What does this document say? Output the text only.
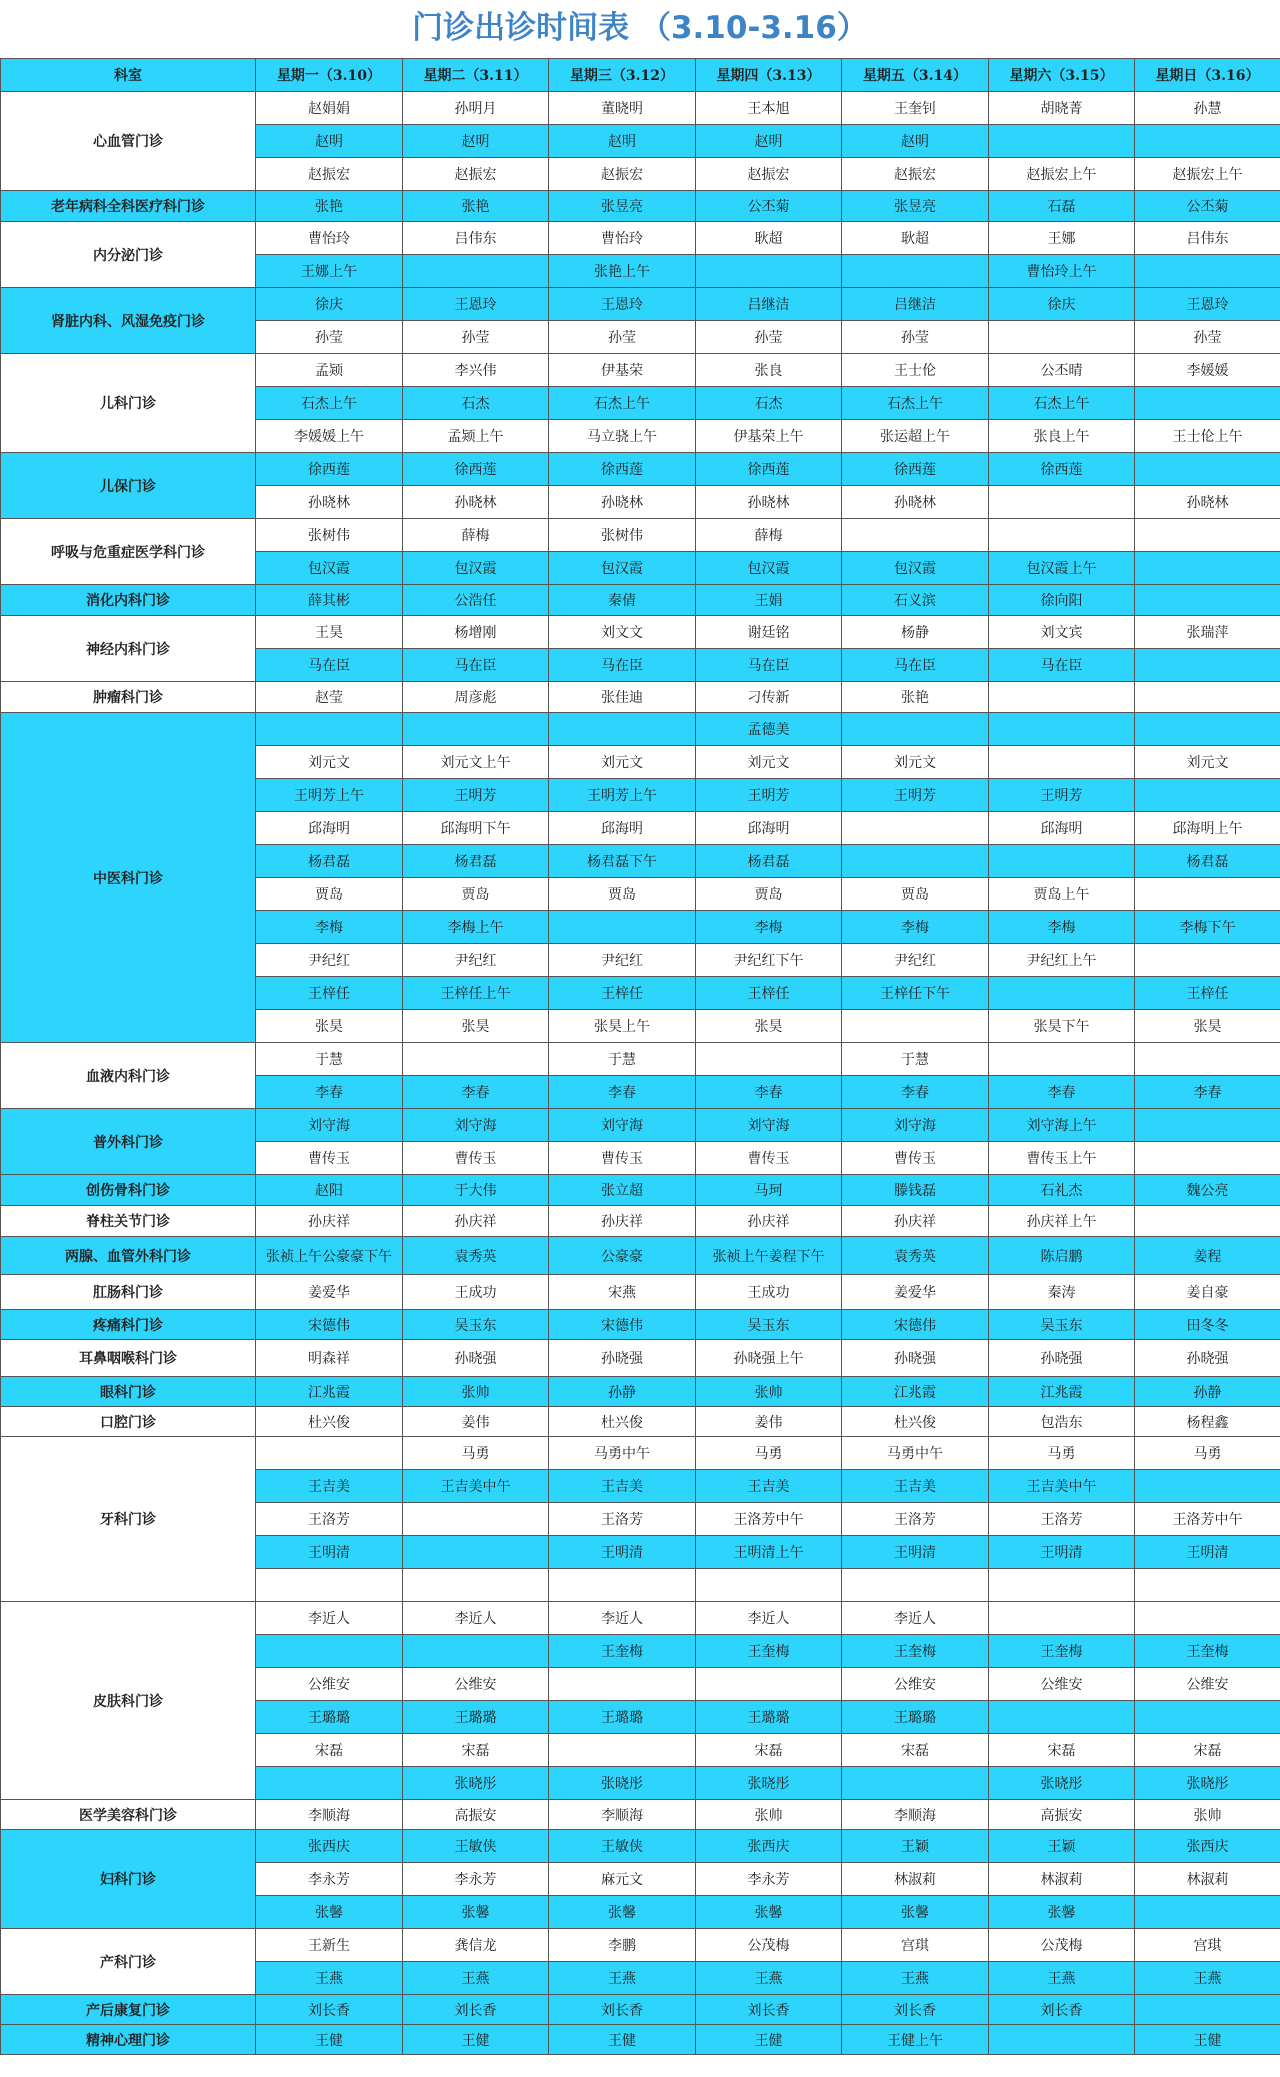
门诊出诊时间表 （3.10-3.16）
科室	星期一（3.10）	星期二（3.11）	星期三（3.12）	星期四（3.13）	星期五（3.14）	星期六（3.15）	星期日（3.16）
心血管门诊	赵娟娟	孙明月	董晓明	王本旭	王奎钊	胡晓菁	孙慧
	赵明	赵明	赵明	赵明	赵明		
	赵振宏	赵振宏	赵振宏	赵振宏	赵振宏	赵振宏上午	赵振宏上午
老年病科全科医疗科门诊	张艳	张艳	张昱亮	公丕菊	张昱亮	石磊	公丕菊
内分泌门诊	曹怡玲	吕伟东	曹怡玲	耿超	耿超	王娜	吕伟东
	王娜上午		张艳上午			曹怡玲上午	
肾脏内科、风湿免疫门诊	徐庆	王恩玲	王恩玲	吕继洁	吕继洁	徐庆	王恩玲
	孙莹	孙莹	孙莹	孙莹	孙莹		孙莹
儿科门诊	孟颎	李兴伟	伊基荣	张良	王士伦	公丕晴	李媛媛
	石杰上午	石杰	石杰上午	石杰	石杰上午	石杰上午	
	李媛媛上午	孟颎上午	马立骁上午	伊基荣上午	张运超上午	张良上午	王士伦上午
儿保门诊	徐西莲	徐西莲	徐西莲	徐西莲	徐西莲	徐西莲	
	孙晓林	孙晓林	孙晓林	孙晓林	孙晓林		孙晓林
呼吸与危重症医学科门诊	张树伟	薛梅	张树伟	薛梅			
	包汉霞	包汉霞	包汉霞	包汉霞	包汉霞	包汉霞上午	
消化内科门诊	薛其彬	公浩任	秦倩	王娟	石义滨	徐向阳	
神经内科门诊	王昊	杨增刚	刘文文	谢廷铭	杨静	刘文宾	张瑞萍
	马在臣	马在臣	马在臣	马在臣	马在臣	马在臣	
肿瘤科门诊	赵莹	周彦彪	张佳迪	刁传新	张艳		
中医科门诊				孟德美			
	刘元文	刘元文上午	刘元文	刘元文	刘元文		刘元文
	王明芳上午	王明芳	王明芳上午	王明芳	王明芳	王明芳	
	邱海明	邱海明下午	邱海明	邱海明		邱海明	邱海明上午
	杨君磊	杨君磊	杨君磊下午	杨君磊			杨君磊
	贾岛	贾岛	贾岛	贾岛	贾岛	贾岛上午	
	李梅	李梅上午		李梅	李梅	李梅	李梅下午
	尹纪红	尹纪红	尹纪红	尹纪红下午	尹纪红	尹纪红上午	
	王梓任	王梓任上午	王梓任	王梓任	王梓任下午		王梓任
	张昊	张昊	张昊上午	张昊		张昊下午	张昊
血液内科门诊	于慧		于慧		于慧		
	李春	李春	李春	李春	李春	李春	李春
普外科门诊	刘守海	刘守海	刘守海	刘守海	刘守海	刘守海上午	
	曹传玉	曹传玉	曹传玉	曹传玉	曹传玉	曹传玉上午	
创伤骨科门诊	赵阳	于大伟	张立超	马珂	滕钱磊	石礼杰	魏公亮
脊柱关节门诊	孙庆祥	孙庆祥	孙庆祥	孙庆祥	孙庆祥	孙庆祥上午	
两腺、血管外科门诊	张祯上午公豪豪下午	袁秀英	公豪豪	张祯上午姜程下午	袁秀英	陈启鹏	姜程
肛肠科门诊	姜爱华	王成功	宋燕	王成功	姜爱华	秦涛	姜自豪
疼痛科门诊	宋德伟	吴玉东	宋德伟	吴玉东	宋德伟	吴玉东	田冬冬
耳鼻咽喉科门诊	明森祥	孙晓强	孙晓强	孙晓强上午	孙晓强	孙晓强	孙晓强
眼科门诊	江兆霞	张帅	孙静	张帅	江兆霞	江兆霞	孙静
口腔门诊	杜兴俊	姜伟	杜兴俊	姜伟	杜兴俊	包浩东	杨程鑫
牙科门诊		马勇	马勇中午	马勇	马勇中午	马勇	马勇
	王吉美	王吉美中午	王吉美	王吉美	王吉美	王吉美中午	
	王洛芳		王洛芳	王洛芳中午	王洛芳	王洛芳	王洛芳中午
	王明清		王明清	王明清上午	王明清	王明清	王明清

皮肤科门诊	李近人	李近人	李近人	李近人	李近人		
			王奎梅	王奎梅	王奎梅	王奎梅	王奎梅
	公维安	公维安			公维安	公维安	公维安
	王璐璐	王璐璐	王璐璐	王璐璐	王璐璐		
	宋磊	宋磊		宋磊	宋磊	宋磊	宋磊
		张晓彤	张晓彤	张晓彤		张晓彤	张晓彤
医学美容科门诊	李顺海	高振安	李顺海	张帅	李顺海	高振安	张帅
妇科门诊	张西庆	王敏侠	王敏侠	张西庆	王颖	王颖	张西庆
	李永芳	李永芳	麻元文	李永芳	林淑莉	林淑莉	林淑莉
	张馨	张馨	张馨	张馨	张馨	张馨	
产科门诊	王新生	龚信龙	李鹏	公茂梅	宫琪	公茂梅	宫琪
	王燕	王燕	王燕	王燕	王燕	王燕	王燕
产后康复门诊	刘长香	刘长香	刘长香	刘长香	刘长香	刘长香	
精神心理门诊	王健	王健	王健	王健	王健上午		王健
